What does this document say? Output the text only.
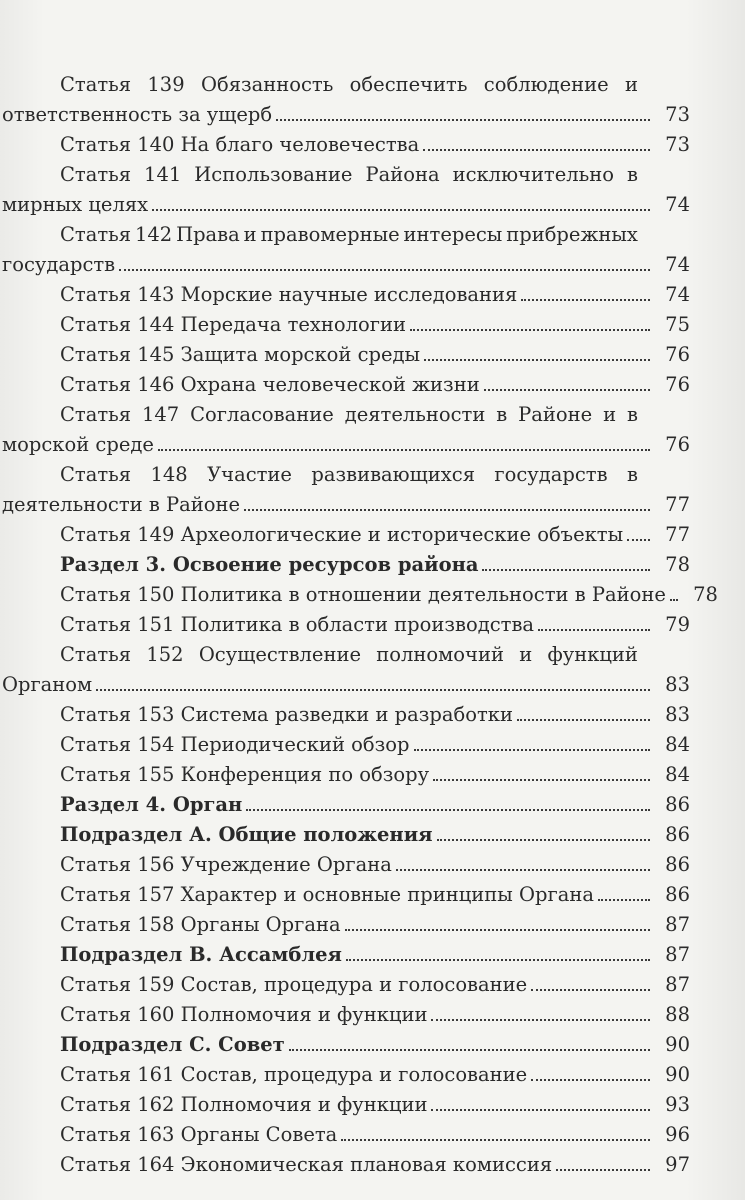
Статья 139 Обязанность обеспечить соблюдение и
ответственность за ущерб	73
Статья 140 На благо человечества	73
Статья 141 Использование Района исключительно в
мирных целях	74
Статья 142 Права и правомерные интересы прибрежных
государств	74
Статья 143 Морские научные исследования	74
Статья 144 Передача технологии	75
Статья 145 Защита морской среды	76
Статья 146 Охрана человеческой жизни	76
Статья 147 Согласование деятельности в Районе и в
морской среде	76
Статья 148 Участие развивающихся государств в
деятельности в Районе	77
Статья 149 Археологические и исторические объекты	77
Раздел 3. Освоение ресурсов района	78
Статья 150 Политика в отношении деятельности в Районе	78
Статья 151 Политика в области производства	79
Статья 152 Осуществление полномочий и функций
Органом	83
Статья 153 Система разведки и разработки	83
Статья 154 Периодический обзор	84
Статья 155 Конференция по обзору	84
Раздел 4. Орган	86
Подраздел А. Общие положения	86
Статья 156 Учреждение Органа	86
Статья 157 Характер и основные принципы Органа	86
Статья 158 Органы Органа	87
Подраздел В. Ассамблея	87
Статья 159 Состав, процедура и голосование	87
Статья 160 Полномочия и функции	88
Подраздел С. Совет	90
Статья 161 Состав, процедура и голосование	90
Статья 162 Полномочия и функции	93
Статья 163 Органы Совета	96
Статья 164 Экономическая плановая комиссия	97
